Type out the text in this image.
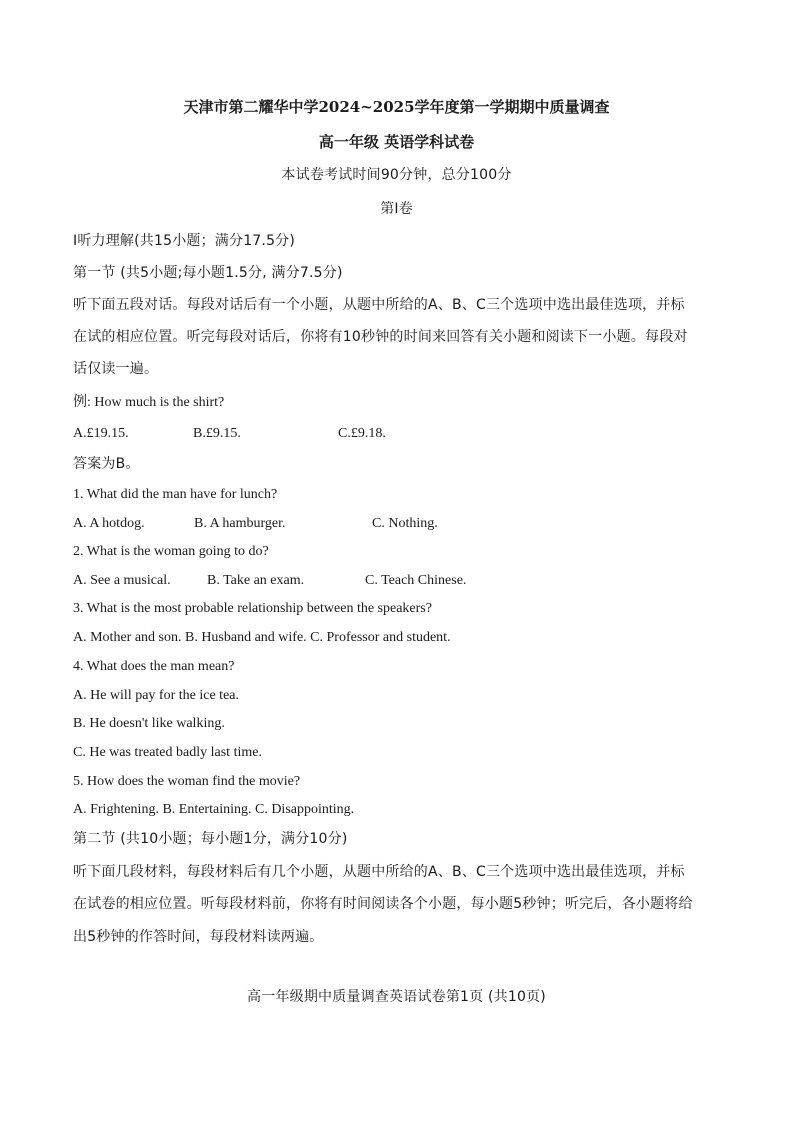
天津市第二耀华中学2024~2025学年度第一学期期中质量调查
高一年级 英语学科试卷
本试卷考试时间90分钟，总分100分
第Ⅰ卷
Ⅰ听力理解(共15小题；满分17.5分)
第一节 (共5小题;每小题1.5分, 满分7.5分)
听下面五段对话。每段对话后有一个小题，从题中所给的A、B、C三个选项中选出最佳选项，并标
在试的相应位置。听完每段对话后，你将有10秒钟的时间来回答有关小题和阅读下一小题。每段对
话仅读一遍。
例: How much is the shirt?
A.£19.15.	B.£9.15.	C.£9.18.
答案为B。
1. What did the man have for lunch?
A. A hotdog.	B. A hamburger.	C. Nothing.
2. What is the woman going to do?
A. See a musical.	B. Take an exam.	C. Teach Chinese.
3. What is the most probable relationship between the speakers?
A. Mother and son. B. Husband and wife. C. Professor and student.
4. What does the man mean?
A. He will pay for the ice tea.
B. He doesn't like walking.
C. He was treated badly last time.
5. How does the woman find the movie?
A. Frightening. B. Entertaining. C. Disappointing.
第二节 (共10小题；每小题1分，满分10分)
听下面几段材料，每段材料后有几个小题，从题中所给的A、B、C三个选项中选出最佳选项，并标
在试卷的相应位置。听每段材料前，你将有时间阅读各个小题，每小题5秒钟；听完后，各小题将给
出5秒钟的作答时间，每段材料读两遍。
高一年级期中质量调查英语试卷第1页 (共10页)
